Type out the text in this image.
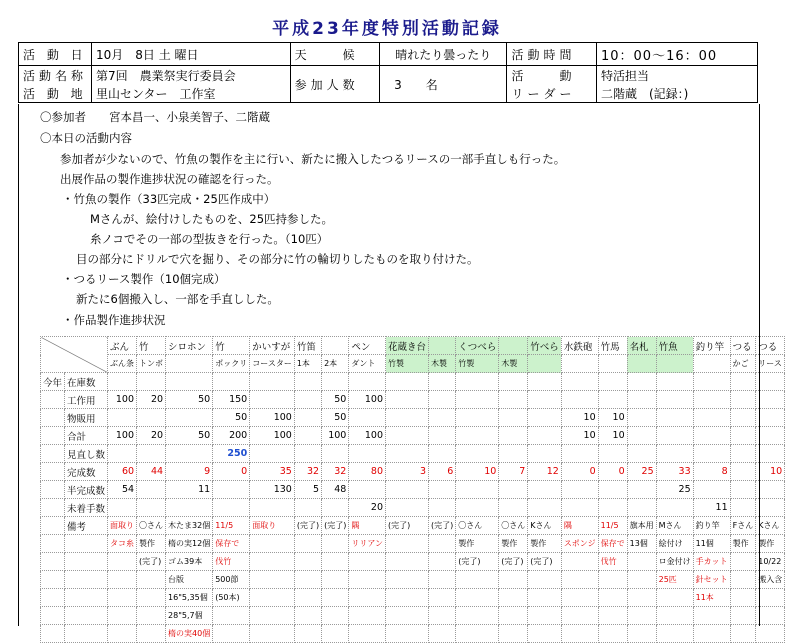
平成23年度特別活動記録
活 動 日	10月　8日 土 曜日	天　　候	晴れたり曇ったり	活動時間	10：00～16：00
活動名称	第7回　農業祭実行委員会	参加人数	3　　名	活　　動	特活担当
活 動 地	里山センター　工作室			リーダー	二階蔵　(記録：)
〇参加者　　宮本昌一、小泉美智子、二階蔵
〇本日の活動内容
参加者が少ないので、竹魚の製作を主に行い、新たに搬入したつるリースの一部手直しも行った。
出展作品の製作進捗状況の確認を行った。
・竹魚の製作（33匹完成・25匹作成中）
Mさんが、絵付けしたものを、25匹持参した。
糸ノコでその一部の型抜きを行った。（10匹）
目の部分にドリルで穴を掘り、その部分に竹の輪切りしたものを取り付けた。
・つるリース製作（10個完成）
新たに6個搬入し、一部を手直しした。
・作品製作進捗状況
		ぶん	竹	シロホン	竹	かいすが	竹笛		ペン	花蔵き台		くつべら		竹べら	水鉄砲	竹馬	名札	竹魚	釣り竿	つる	つる
		ぶん条	トンボ		ポックリ	コースター	1本	2本	ダント	竹製	木製	竹製	木製							かご	リース
今年	在庫数																				
	工作用	100	20	50	150			50	100												
	物販用				50	100		50							10	10					
	合計	100	20	50	200	100		100	100						10	10					
	見直し数				250																
	完成数	60	44	9	0	35	32	32	80	3	6	10	7	12	0	0	25	33	8		10
	半完成数	54		11		130	5	48										25			
	未着手数								20										11		
	備考	面取り	〇さん	木たま32個	11/5	面取り	(完了)	(完了)	隅	(完了)	(完了)	〇さん	〇さん	Kさん	隅	11/5	旗本用	Mさん	釣り竿	Fさん	Kさん
		タコ糸	製作	楕の実12個	保存で				リリアン			製作	製作	製作	スポンジ	保存で	13個	絵付け	11個	製作	製作
			(完了)	ゴム39本	伐竹							(完了)	(完了)	(完了)		伐竹		ロ金付け	手カット		10/22
				台版	500節													25匹	針セット		搬入含
				16"5,35個	(50本)														11本		
				28"5,7個																	
				楕の実40個																	
